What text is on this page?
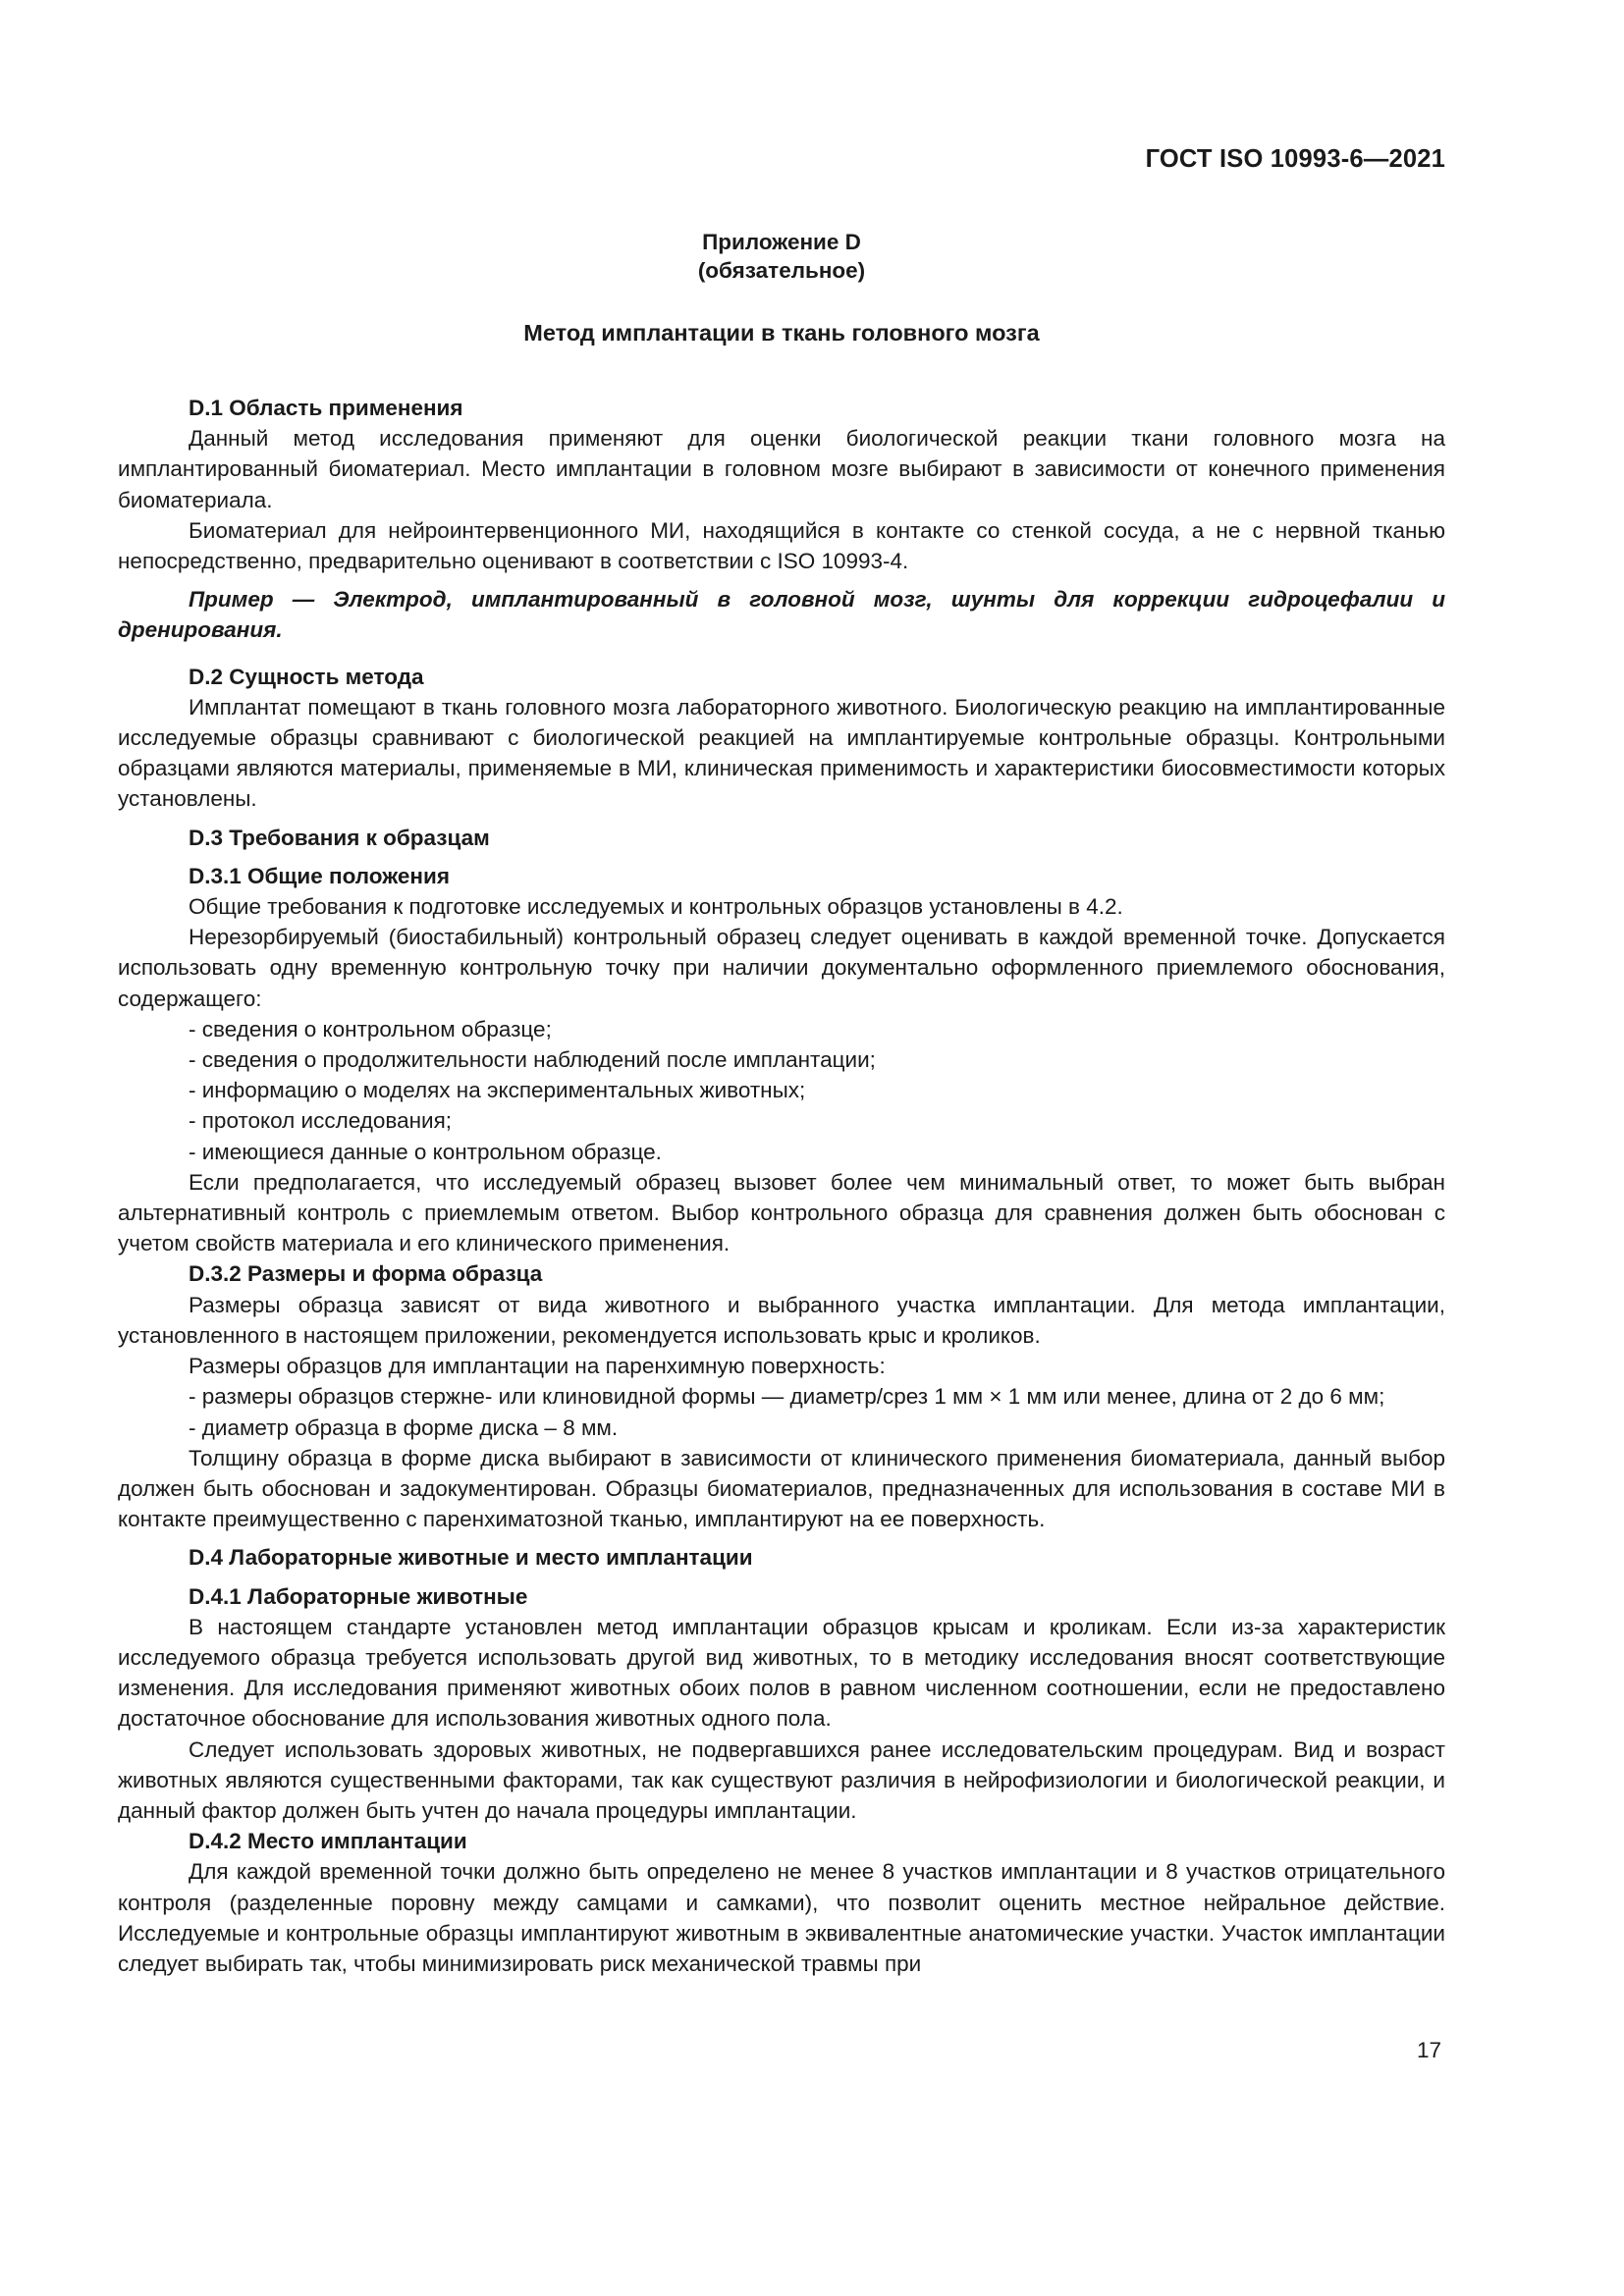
ГОСТ ISO 10993-6—2021
Приложение D
(обязательное)
Метод имплантации в ткань головного мозга

D.1 Область применения

Данный метод исследования применяют для оценки биологической реакции ткани головного мозга на имплантированный биоматериал. Место имплантации в головном мозге выбирают в зависимости от конечного применения биоматериала.

Биоматериал для нейроинтервенционного МИ, находящийся в контакте со стенкой сосуда, а не с нервной тканью непосредственно, предварительно оценивают в соответствии с ISO 10993-4.

Пример — Электрод, имплантированный в головной мозг, шунты для коррекции гидроцефалии и дренирования.

D.2 Сущность метода

Имплантат помещают в ткань головного мозга лабораторного животного. Биологическую реакцию на имплантированные исследуемые образцы сравнивают с биологической реакцией на имплантируемые контрольные образцы. Контрольными образцами являются материалы, применяемые в МИ, клиническая применимость и характеристики биосовместимости которых установлены.

D.3 Требования к образцам

D.3.1 Общие положения

Общие требования к подготовке исследуемых и контрольных образцов установлены в 4.2.

Нерезорбируемый (биостабильный) контрольный образец следует оценивать в каждой временной точке. Допускается использовать одну временную контрольную точку при наличии документально оформленного приемлемого обоснования, содержащего:

- сведения о контрольном образце;

- сведения о продолжительности наблюдений после имплантации;

- информацию о моделях на экспериментальных животных;

- протокол исследования;

- имеющиеся данные о контрольном образце.

Если предполагается, что исследуемый образец вызовет более чем минимальный ответ, то может быть выбран альтернативный контроль с приемлемым ответом. Выбор контрольного образца для сравнения должен быть обоснован с учетом свойств материала и его клинического применения.

D.3.2 Размеры и форма образца

Размеры образца зависят от вида животного и выбранного участка имплантации. Для метода имплантации, установленного в настоящем приложении, рекомендуется использовать крыс и кроликов.

Размеры образцов для имплантации на паренхимную поверхность:

- размеры образцов стержне- или клиновидной формы — диаметр/срез 1 мм × 1 мм или менее, длина от 2 до 6 мм;

- диаметр образца в форме диска – 8 мм.

Толщину образца в форме диска выбирают в зависимости от клинического применения биоматериала, данный выбор должен быть обоснован и задокументирован. Образцы биоматериалов, предназначенных для использования в составе МИ в контакте преимущественно с паренхиматозной тканью, имплантируют на ее поверхность.

D.4 Лабораторные животные и место имплантации

D.4.1 Лабораторные животные

В настоящем стандарте установлен метод имплантации образцов крысам и кроликам. Если из-за характеристик исследуемого образца требуется использовать другой вид животных, то в методику исследования вносят соответствующие изменения. Для исследования применяют животных обоих полов в равном численном соотношении, если не предоставлено достаточное обоснование для использования животных одного пола.

Следует использовать здоровых животных, не подвергавшихся ранее исследовательским процедурам. Вид и возраст животных являются существенными факторами, так как существуют различия в нейрофизиологии и биологической реакции, и данный фактор должен быть учтен до начала процедуры имплантации.

D.4.2 Место имплантации

Для каждой временной точки должно быть определено не менее 8 участков имплантации и 8 участков отрицательного контроля (разделенные поровну между самцами и самками), что позволит оценить местное нейральное действие. Исследуемые и контрольные образцы имплантируют животным в эквивалентные анатомические участки. Участок имплантации следует выбирать так, чтобы минимизировать риск механической травмы при

17
